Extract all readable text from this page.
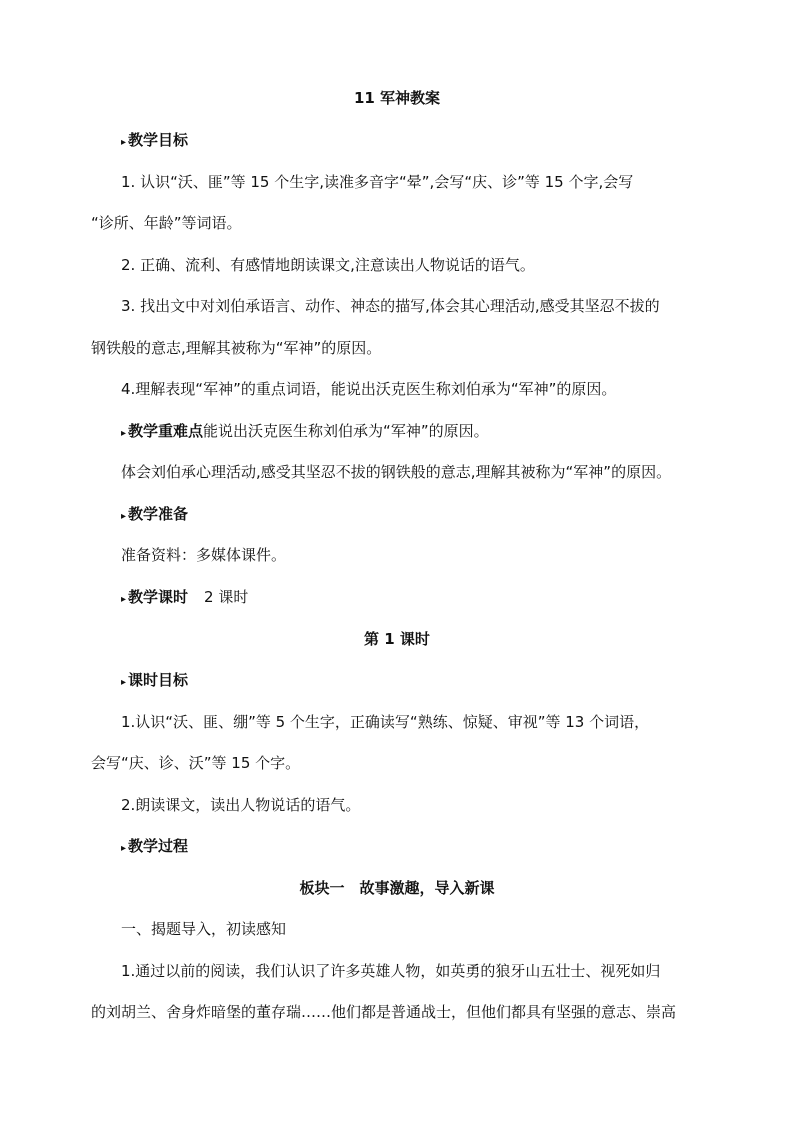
11 军神教案
▸ 教学目标
1. 认识“沃、匪”等 15 个生字,读准多音字“晕”,会写“庆、诊”等 15 个字,会写
“诊所、年龄”等词语。
2. 正确、流利、有感情地朗读课文,注意读出人物说话的语气。
3. 找出文中对刘伯承语言、动作、神态的描写,体会其心理活动,感受其坚忍不拔的
钢铁般的意志,理解其被称为“军神”的原因。
4.理解表现“军神”的重点词语，能说出沃克医生称刘伯承为“军神”的原因。
▸ 教学重难点能说出沃克医生称刘伯承为“军神”的原因。
体会刘伯承心理活动,感受其坚忍不拔的钢铁般的意志,理解其被称为“军神”的原因。
▸ 教学准备
准备资料：多媒体课件。
▸ 教学课时 2 课时
第 1 课时
▸ 课时目标
1.认识“沃、匪、绷”等 5 个生字，正确读写“熟练、惊疑、审视”等 13 个词语，
会写“庆、诊、沃”等 15 个字。
2.朗读课文，读出人物说话的语气。
▸ 教学过程
板块一　故事激趣，导入新课
一、揭题导入，初读感知
1.通过以前的阅读，我们认识了许多英雄人物，如英勇的狼牙山五壮士、视死如归
的刘胡兰、舍身炸暗堡的董存瑞……他们都是普通战士，但他们都具有坚强的意志、崇高
